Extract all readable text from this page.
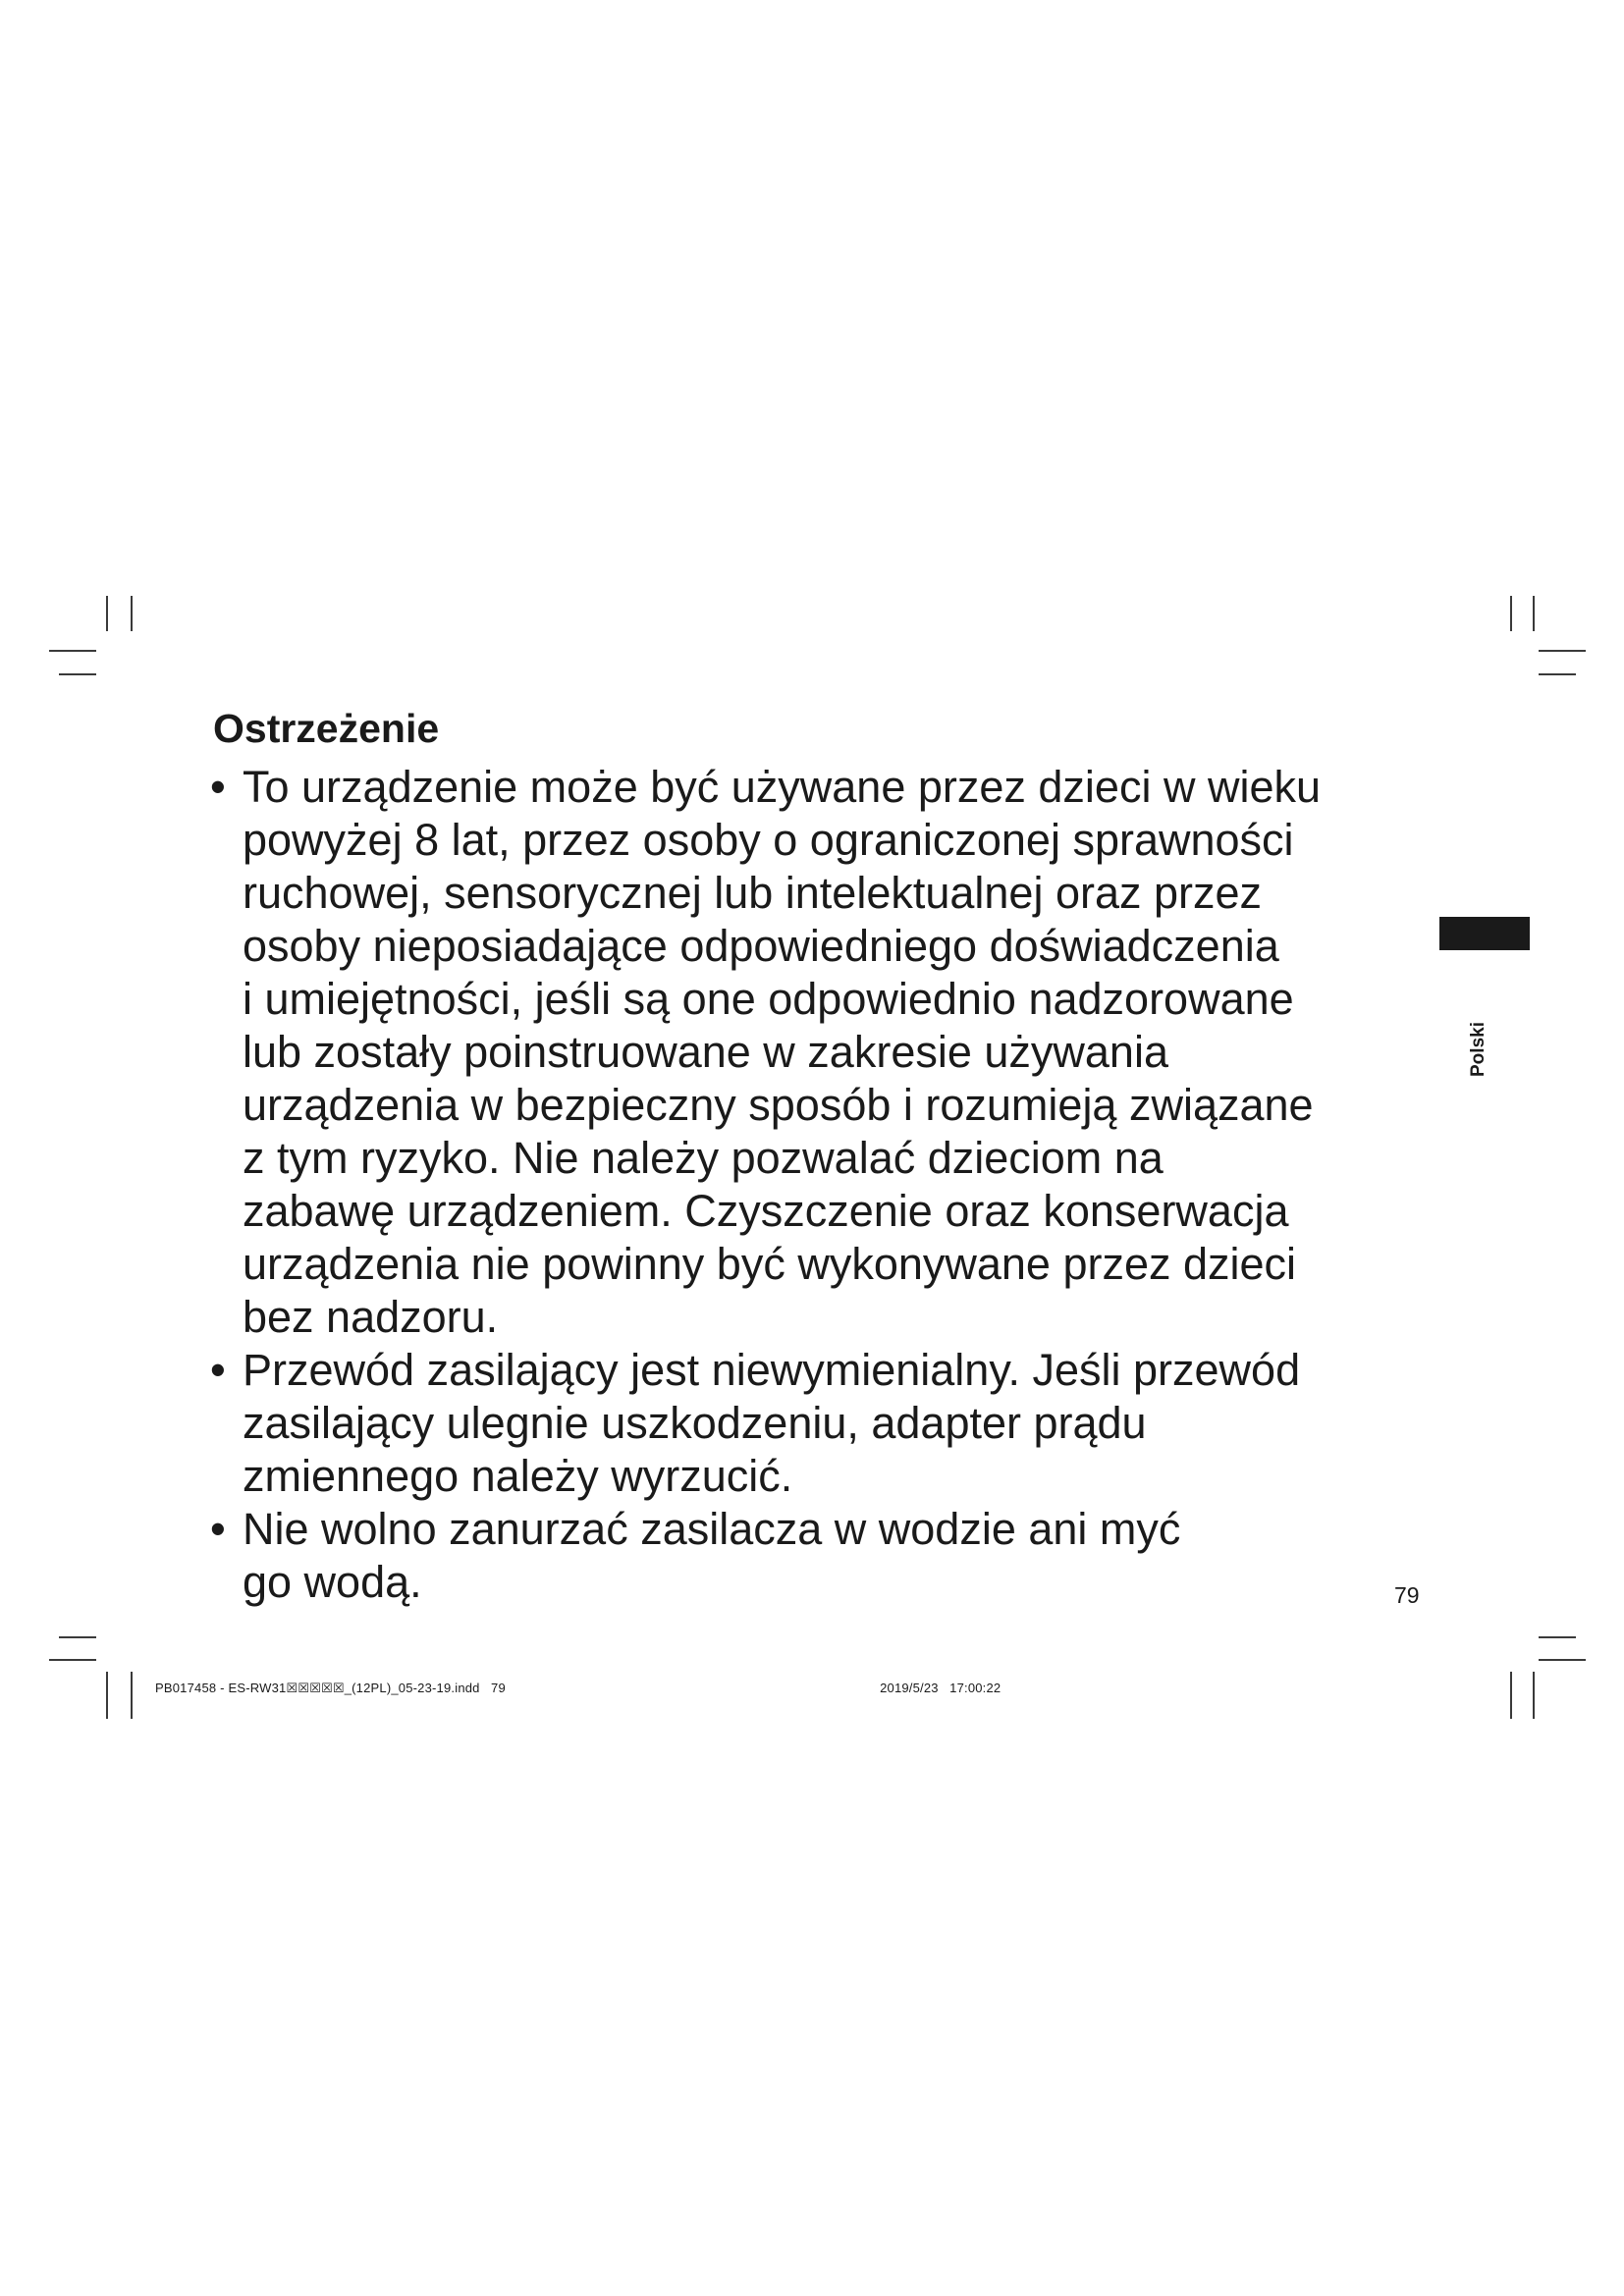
Ostrzeżenie
• To urządzenie może być używane przez dzieci w wieku
powyżej 8 lat, przez osoby o ograniczonej sprawności
ruchowej, sensorycznej lub intelektualnej oraz przez
osoby nieposiadające odpowiedniego doświadczenia
i umiejętności, jeśli są one odpowiednio nadzorowane
lub zostały poinstruowane w zakresie używania
urządzenia w bezpieczny sposób i rozumieją związane
z tym ryzyko. Nie należy pozwalać dzieciom na
zabawę urządzeniem. Czyszczenie oraz konserwacja
urządzenia nie powinny być wykonywane przez dzieci
bez nadzoru.
• Przewód zasilający jest niewymienialny. Jeśli przewód
zasilający ulegnie uszkodzeniu, adapter prądu
zmiennego należy wyrzucić.
• Nie wolno zanurzać zasilacza w wodzie ani myć
go wodą.
Polski
79
PB017458 - ES-RW31☒☒☒☒☒_(12PL)_05-23-19.indd   79                                                                                                    2019/5/23   17:00:22
